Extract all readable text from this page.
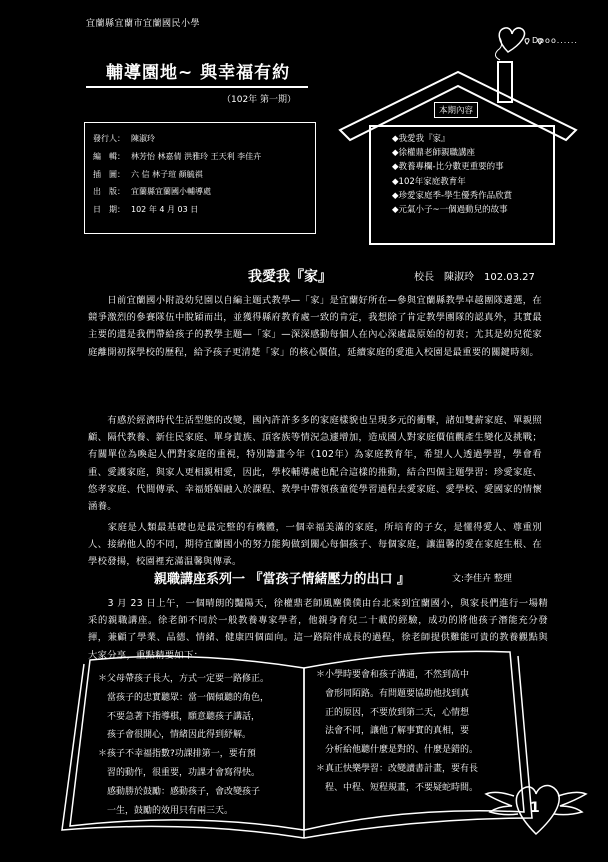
宜蘭縣宜蘭市宜蘭國民小學
輔導園地~ 與幸福有約
（102年 第一期）
發行人： 陳淑玲
編　輯： 林芳怡 林嘉倩 洪雅玲 王天利 李佳卉
插　圖： 六 信 林子瑄 顏毓祺
出　版： 宜蘭縣宜蘭國小輔導處
日　期： 102 年 4 月 03 日
Dooo......
本期內容
◆我愛我『家』
◆徐權鼎老師親職講座
◆教養專欄-比分數更重要的事
◆102年家庭教育年
◆珍愛家庭季-學生優秀作品欣賞
◆元氣小子~一個過動兒的故事
我愛我『家』	校長　陳淑玲　102.03.27
　　日前宜蘭國小附設幼兒園以自編主題式教學—「家」是宜蘭好所在—參與宜蘭縣教學卓越團隊遴選，在競爭激烈的參賽隊伍中脫穎而出，並獲得縣府教育處一致的肯定，我想除了肯定教學團隊的認真外，其實最主要的還是我們帶給孩子的教學主題—「家」—深深感動每個人在內心深處最原始的初衷；尤其是幼兒從家庭離開初探學校的歷程，給予孩子更清楚「家」的核心價值，延續家庭的愛進入校園是最重要的關鍵時刻。
　　有感於經濟時代生活型態的改變，國內許許多多的家庭樣貌也呈現多元的衝擊，諸如雙薪家庭、單親照顧、隔代教養、新住民家庭、單身貴族、頂客族等情況急遽增加，造成國人對家庭價值觀產生變化及挑戰；有關單位為喚起人們對家庭的重視，特別籌畫今年（102年）為家庭教育年，希望人人透過學習，學會看重、愛護家庭，與家人更相親相愛，因此，學校輔導處也配合這樣的推動，結合四個主題學習：珍愛家庭、悠孝家庭、代間傳承、幸福婚姻融入於課程、教學中帶領孩童從學習過程去愛家庭、愛學校、愛國家的情懷涵養。
　　家庭是人類最基礎也是最完整的有機體，一個幸福美滿的家庭，所培育的子女，是懂得愛人、尊重別人、接納他人的不同，期待宜蘭國小的努力能夠做到關心每個孩子、每個家庭，讓溫馨的愛在家庭生根、在學校發揚，校園裡充滿温馨與傳承。
親職講座系列一 『當孩子情緒壓力的出口 』	文:李佳卉 整理
　　3 月 23 日上午，一個晴朗的豔陽天，徐權鼎老師風塵僕僕由台北來到宜蘭國小，與家長們進行一場精采的親職講座。徐老師不同於一般教養專家學者，他親身育兒二十載的經驗，成功的將他孩子潛能充分發揮，兼顧了學業、品德、情緒、健康四個面向。這一路陪伴成長的過程，徐老師提供難能可貴的教養觀點與大家分享，重點精要如下：
＊父母帶孩子長大，方式一定要一路修正。
　當孩子的忠實聽眾：當一個傾聽的角色，
　不要急著下指導棋，願意聽孩子講話，
　孩子會很開心，情緒因此得到紓解。
＊孩子不幸福指數?功課排第一，要有預
　習的動作，很重要，功課才會寫得快。
　感動勝於鼓勵：感動孩子，會改變孩子
　一生，鼓勵的效用只有兩三天。
＊小學時要會和孩子溝通，不然到高中
　會形同陌路。有問題要協助他找到真
　正的原因，不要放到第二天，心情想
　法會不同，讓他了解事實的真相，要
　分析給他聽什麼是對的、什麼是錯的。
＊真正快樂學習：改變讀書計畫，要有長
　程、中程、短程規畫，不要疑蛇時間。
1
